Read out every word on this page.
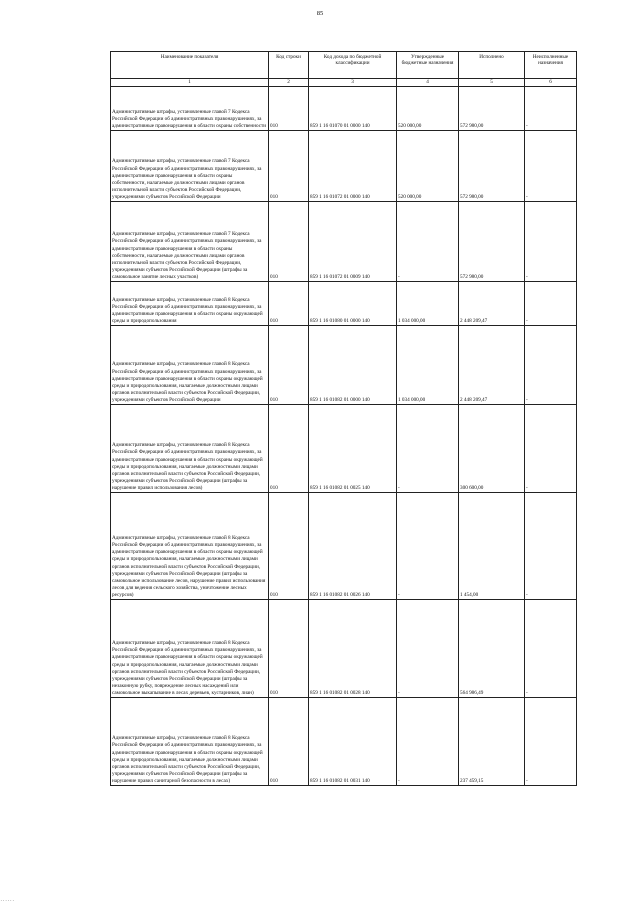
85
Наименование показателя	Код строки	Код дохода по бюджетной классификации	Утвержденные бюджетные назначения	Исполнено	Неисполненные назначения
1	2	3	4	5	6
Административные штрафы, установленные главой 7 Кодекса Российской Федерации об административных правонарушениях, за административные правонарушения в области охраны собственности	010	859 1 16 01070 01 0000 140	520 000,00	572 980,00	-
Административные штрафы, установленные главой 7 Кодекса Российской Федерации об административных правонарушениях, за административные правонарушения в области охраны собственности, налагаемые должностными лицами органов исполнительной власти субъектов Российской Федерации, учреждениями субъектов Российской Федерации	010	859 1 16 01072 01 0000 140	520 000,00	572 980,00	-
Административные штрафы, установленные главой 7 Кодекса Российской Федерации об административных правонарушениях, за административные правонарушения в области охраны собственности, налагаемые должностными лицами органов исполнительной власти субъектов Российской Федерации, учреждениями субъектов Российской Федерации (штрафы за самовольное занятие лесных участков)	010	859 1 16 01072 01 0009 140	-	572 980,00	-
Административные штрафы, установленные главой 8 Кодекса Российской Федерации об административных правонарушениях, за административные правонарушения в области охраны окружающей среды и природопользования	010	859 1 16 01080 01 0000 140	1 034 000,00	2 448 209,47	-
Административные штрафы, установленные главой 8 Кодекса Российской Федерации об административных правонарушениях, за административные правонарушения в области охраны окружающей среды и природопользования, налагаемые должностными лицами органов исполнительной власти субъектов Российской Федерации, учреждениями субъектов Российской Федерации	010	859 1 16 01082 01 0000 140	1 034 000,00	2 448 209,47	-
Административные штрафы, установленные главой 8 Кодекса Российской Федерации об административных правонарушениях, за административные правонарушения в области охраны окружающей среды и природопользования, налагаемые должностными лицами органов исполнительной власти субъектов Российской Федерации, учреждениями субъектов Российской Федерации (штрафы за нарушение правил использования лесов)	010	859 1 16 01082 01 0025 140	-	300 600,00	-
Административные штрафы, установленные главой 8 Кодекса Российской Федерации об административных правонарушениях, за административные правонарушения в области охраны окружающей среды и природопользования, налагаемые должностными лицами органов исполнительной власти субъектов Российской Федерации, учреждениями субъектов Российской Федерации (штрафы за самовольное использование лесов, нарушение правил использования лесов для ведения сельского хозяйства, уничтожение лесных ресурсов)	010	859 1 16 01082 01 0026 140	-	1 454,00	-
Административные штрафы, установленные главой 8 Кодекса Российской Федерации об административных правонарушениях, за административные правонарушения в области охраны окружающей среды и природопользования, налагаемые должностными лицами органов исполнительной власти субъектов Российской Федерации, учреждениями субъектов Российской Федерации (штрафы за незаконную рубку, повреждение лесных насаждений или самовольное выкапывание в лесах деревьев, кустарников, лиан)	010	859 1 16 01082 01 0028 140	-	564 986,49	-
Административные штрафы, установленные главой 8 Кодекса Российской Федерации об административных правонарушениях, за административные правонарушения в области охраны окружающей среды и природопользования, налагаемые должностными лицами органов исполнительной власти субъектов Российской Федерации, учреждениями субъектов Российской Федерации (штрафы за нарушение правил санитарной безопасности в лесах)	010	859 1 16 01082 01 0031 140	-	237 459,15	-
······
